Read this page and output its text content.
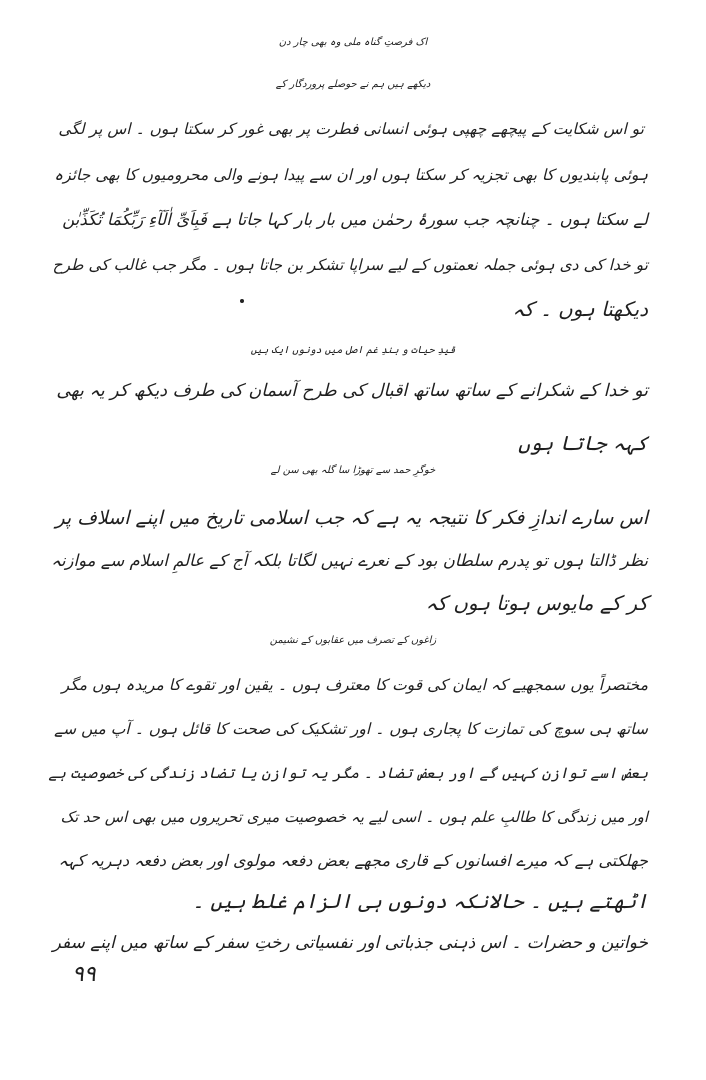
اک فرصتِ گناہ ملی وہ بھی چار دن
دیکھے ہیں ہم نے حوصلے پروردگار کے
تو اس شکایت کے پیچھے چھپی ہوئی انسانی فطرت پر بھی غور کر سکتا ہوں ۔ اس پر لگی
ہوئی پابندیوں کا بھی تجزیہ کر سکتا ہوں اور ان سے پیدا ہونے والی محرومیوں کا بھی جائزہ
لے سکتا ہوں ۔ چنانچہ جب سورۂ رحمٰن میں بار بار کہا جاتا ہے فَبِاَیِّ اٰلَآءِ رَبِّکُمَا تُکَذِّبٰن
تو خدا کی دی ہوئی جملہ نعمتوں کے لیے سراپا تشکر بن جاتا ہوں ۔ مگر جب غالب کی طرح
دیکھتا ہوں ۔ کہ
قیدِ حیات و بندِ غم اصل میں دونوں ایک ہیں
تو خدا کے شکرانے کے ساتھ ساتھ اقبال کی طرح آسمان کی طرف دیکھ کر یہ بھی
کہہ جاتا ہوں
خوگرِ حمد سے تھوڑا سا گلہ بھی سن لے
اس سارے اندازِ فکر کا نتیجہ یہ ہے کہ جب اسلامی تاریخ میں اپنے اسلاف پر
نظر ڈالتا ہوں تو پدرم سلطان بود کے نعرے نہیں لگاتا بلکہ آج کے عالمِ اسلام سے موازنہ
کر کے مایوس ہوتا ہوں کہ
زاغوں کے تصرف میں عقابوں کے نشیمن
مختصراً یوں سمجھیے کہ ایمان کی قوت کا معترف ہوں ۔ یقین اور تقوے کا مریدہ ہوں مگر
ساتھ ہی سوچ کی تمازت کا پجاری ہوں ۔ اور تشکیک کی صحت کا قائل ہوں ۔ آپ میں سے
بعض اسے توازن کہیں گے اور بعض تضاد ۔ مگر یہ توازن یا تضاد زندگی کی خصوصیت ہے
اور میں زندگی کا طالبِ علم ہوں ۔ اسی لیے یہ خصوصیت میری تحریروں میں بھی اس حد تک
جھلکتی ہے کہ میرے افسانوں کے قاری مجھے بعض دفعہ مولوی اور بعض دفعہ دہریہ کہہ
اٹھتے ہیں ۔ حالانکہ دونوں ہی الزام غلط ہیں ۔
خواتین و حضرات ۔ اس ذہنی جذباتی اور نفسیاتی رختِ سفر کے ساتھ میں اپنے سفر
۹۹
